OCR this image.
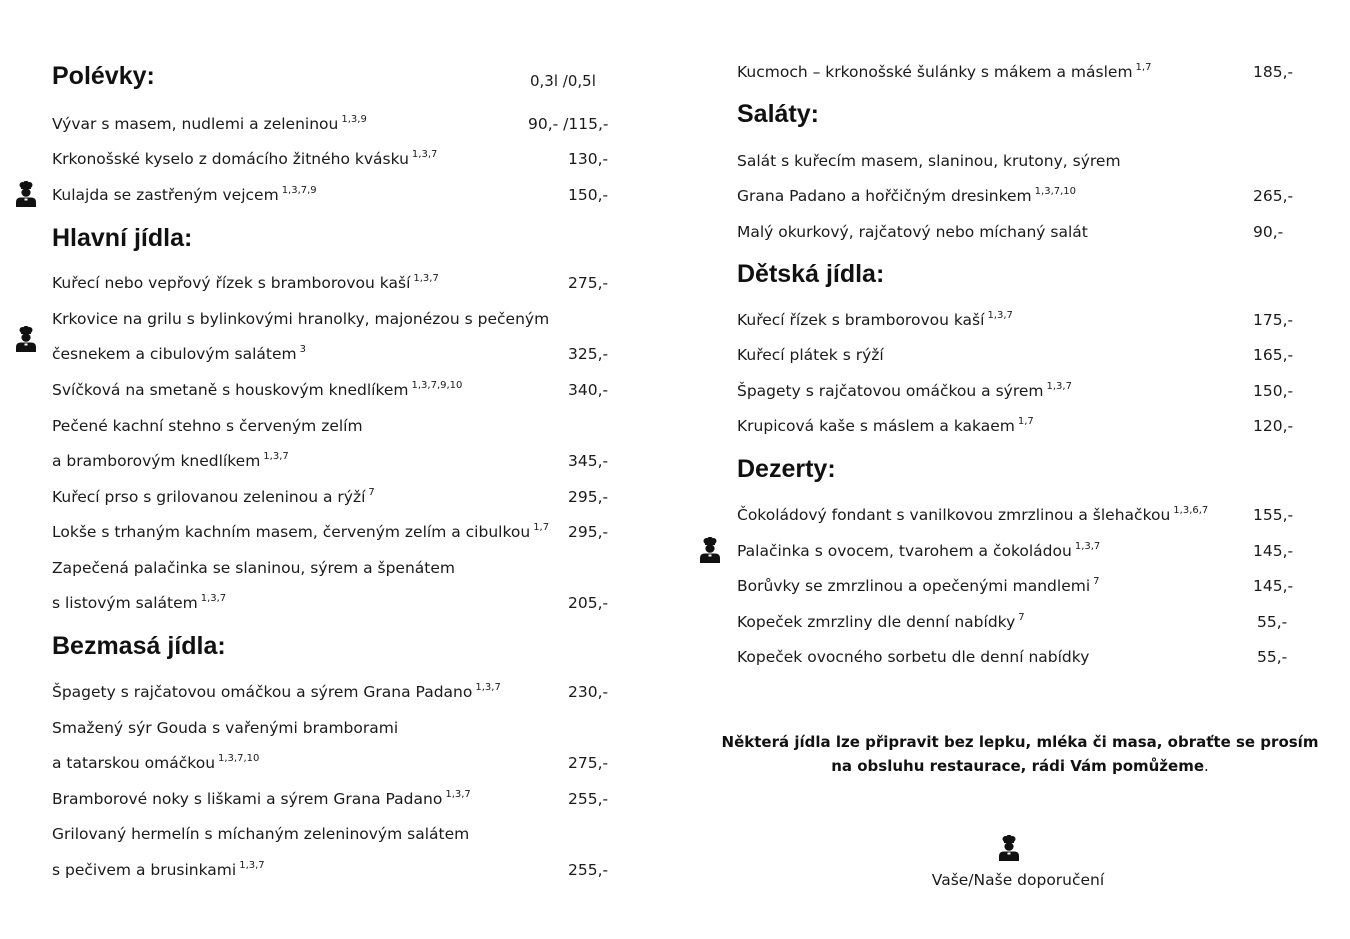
Polévky:	0,3l /0,5l
Vývar s masem, nudlemi a zeleninou $^{1,3,9}$	90,- /115,-
Krkonošské kyselo z domácího žitného kvásku $^{1,3,7}$	130,-
Kulajda se zastřeným vejcem $^{1,3,7,9}$	150,-
Hlavní jídla:
Kuřecí nebo vepřový řízek s bramborovou kaší $^{1,3,7}$	275,-
Krkovice na grilu s bylinkovými hranolky, majonézou s pečeným
česnekem a cibulovým salátem $^3$	325,-
Svíčková na smetaně s houskovým knedlíkem $^{1,3,7,9,10}$	340,-
Pečené kachní stehno s červeným zelím
a bramborovým knedlíkem $^{1,3,7}$	345,-
Kuřecí prso s grilovanou zeleninou a rýží $^7$	295,-
Lokše s trhaným kachním masem, červeným zelím a cibulkou $^{1,7}$ 295,-
Zapečená palačinka se slaninou, sýrem a špenátem
s listovým salátem $^{1,3,7}$	205,-
Bezmasá jídla:
Špagety s rajčatovou omáčkou a sýrem Grana Padano $^{1,3,7}$	230,-
Smažený sýr Gouda s vařenými bramborami
a tatarskou omáčkou $^{1,3,7,10}$	275,-
Bramborové noky s liškami a sýrem Grana Padano $^{1,3,7}$	255,-
Grilovaný hermelín s míchaným zeleninovým salátem
s pečivem a brusinkami $^{1,3,7}$	255,-
Kucmoch – krkonošské šulánky s mákem a máslem $^{1,7}$	185,-
Saláty:
Salát s kuřecím masem, slaninou, krutony, sýrem
Grana Padano a hořčičným dresinkem $^{1,3,7,10}$	265,-
Malý okurkový, rajčatový nebo míchaný salát	90,-
Dětská jídla:
Kuřecí řízek s bramborovou kaší $^{1,3,7}$	175,-
Kuřecí plátek s rýží	165,-
Špagety s rajčatovou omáčkou a sýrem $^{1,3,7}$	150,-
Krupicová kaše s máslem a kakaem $^{1,7}$	120,-
Dezerty:
Čokoládový fondant s vanilkovou zmrzlinou a šlehačkou $^{1,3,6,7}$	155,-
Palačinka s ovocem, tvarohem a čokoládou $^{1,3,7}$	145,-
Borůvky se zmrzlinou a opečenými mandlemi $^7$	145,-
Kopeček zmrzliny dle denní nabídky $^7$	55,-
Kopeček ovocného sorbetu dle denní nabídky	55,-
Některá jídla lze připravit bez lepku, mléka či masa, obraťte se prosím
na obsluhu restaurace, rádi Vám pomůžeme.
Vaše/Naše doporučení
